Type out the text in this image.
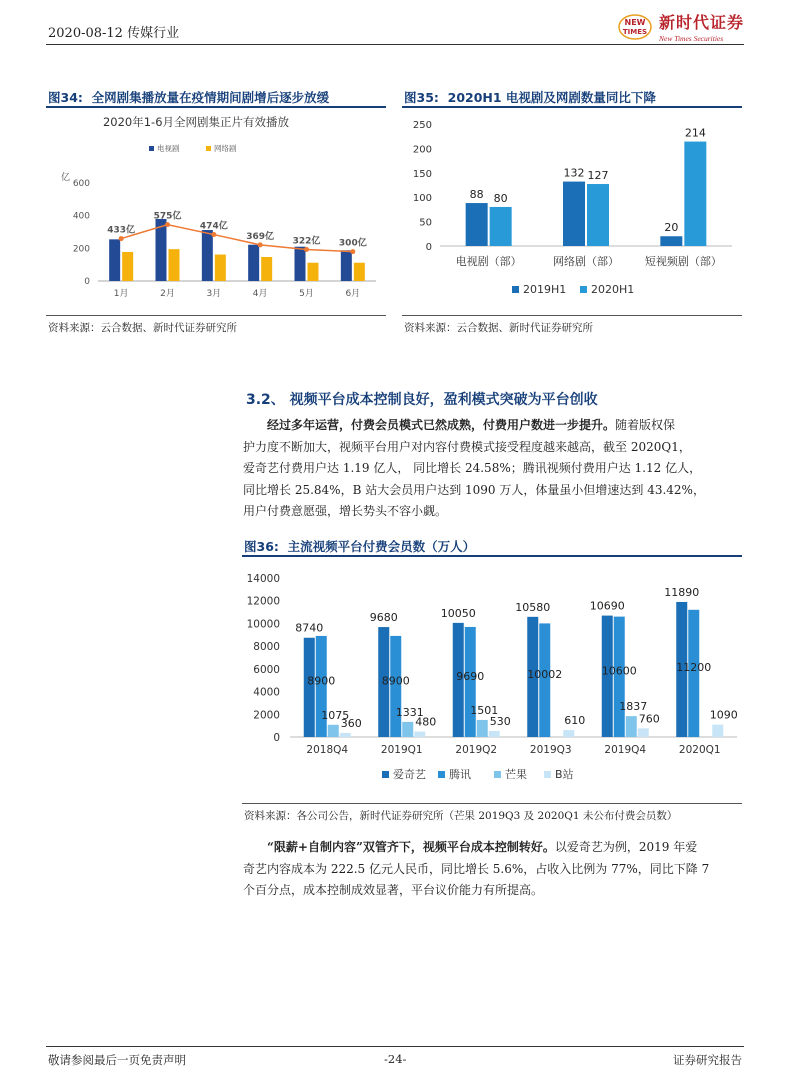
2020-08-12 传媒行业
NEW
TIMES 新时代证券
New Times Securities
图34: 全网剧集播放量在疫情期间剧增后逐步放缓
2020年1-6月全网剧集正片有效播放
亿
0
200
400
600
1月	2月	3月	4月	5月	6月
433亿
575亿
474亿
369亿 322亿 300亿
电视剧	网络剧
资料来源：云合数据、新时代证券研究所
图35: 2020H1 电视剧及网剧数量同比下降
0
50
100
150
200
250
88 80
电视剧（部）
132 127
网络剧（部）
20
214
短视频剧（部）
2019H1 2020H1
资料来源：云合数据、新时代证券研究所
3.2、 视频平台成本控制良好，盈利模式突破为平台创收
  经过多年运营，付费会员模式已然成熟，付费用户数进一步提升。随着版权保
护力度不断加大，视频平台用户对内容付费模式接受程度越来越高，截至 2020Q1，
爱奇艺付费用户达 1.19 亿人， 同比增长 24.58%；腾讯视频付费用户达 1.12 亿人，
同比增长 25.84%，B 站大会员用户达到 1090 万人，体量虽小但增速达到 43.42%，
用户付费意愿强，增长势头不容小觑。
图36: 主流视频平台付费会员数（万人）
0
2000
4000
6000
8000
10000
12000
14000
8740
8900
1075
360
2018Q4
9680
8900
1331
480
2019Q1
10050
9690
1501
530
2019Q2
10580
10002
610
2019Q3
10690
10600
1837
760
2019Q4
11890
11200
1090
2020Q1
爱奇艺 腾讯	芒果	B站
资料来源：各公司公告，新时代证券研究所（芒果 2019Q3 及 2020Q1 未公布付费会员数）
  “限薪+自制内容”双管齐下，视频平台成本控制转好。以爱奇艺为例，2019 年爱
奇艺内容成本为 222.5 亿元人民币，同比增长 5.6%，占收入比例为 77%，同比下降 7
个百分点，成本控制成效显著，平台议价能力有所提高。
敬请参阅最后一页免责声明	-24-	证券研究报告
